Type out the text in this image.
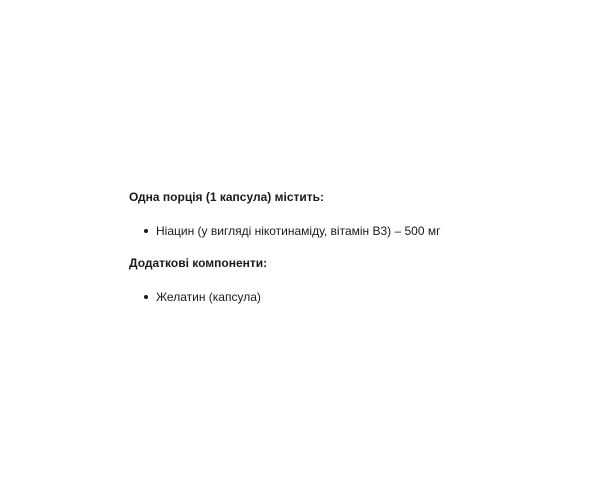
Одна порція (1 капсула) містить:

Ніацин (у вигляді нікотинаміду, вітамін B3) – 500 мг

Додаткові компоненти:

Желатин (капсула)
